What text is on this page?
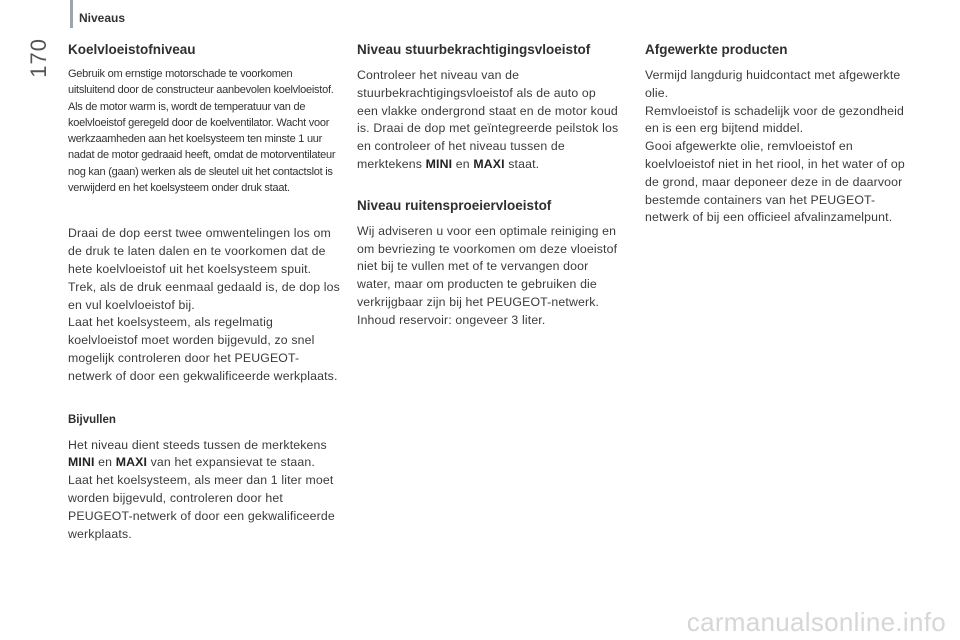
Niveaus
170 Koelvloeistofniveau

Gebruik om ernstige motorschade te voorkomen uitsluitend door de constructeur aanbevolen koelvloeistof. Als de motor warm is, wordt de temperatuur van de koelvloeistof geregeld door de koelventilator. Wacht voor werkzaamheden aan het koelsysteem ten minste 1 uur nadat de motor gedraaid heeft, omdat de motorventilateur nog kan (gaan) werken als de sleutel uit het contactslot is verwijderd en het koelsysteem onder druk staat.

Draai de dop eerst twee omwentelingen los om de druk te laten dalen en te voorkomen dat de hete koelvloeistof uit het koelsysteem spuit. Trek, als de druk eenmaal gedaald is, de dop los en vul koelvloeistof bij.

Laat het koelsysteem, als regelmatig koelvloeistof moet worden bijgevuld, zo snel mogelijk controleren door het PEUGEOT-netwerk of door een gekwalificeerde werkplaats.

Bijvullen

Het niveau dient steeds tussen de merktekens MINI en MAXI van het expansievat te staan. Laat het koelsysteem, als meer dan 1 liter moet worden bijgevuld, controleren door het PEUGEOT-netwerk of door een gekwalificeerde werkplaats.

Niveau stuurbekrachtigingsvloeistof

Controleer het niveau van de stuurbekrachtigingsvloeistof als de auto op een vlakke ondergrond staat en de motor koud is. Draai de dop met geïntegreerde peilstok los en controleer of het niveau tussen de merktekens MINI en MAXI staat.

Niveau ruitensproeiervloeistof

Wij adviseren u voor een optimale reiniging en om bevriezing te voorkomen om deze vloeistof niet bij te vullen met of te vervangen door water, maar om producten te gebruiken die verkrijgbaar zijn bij het PEUGEOT-netwerk.

Inhoud reservoir: ongeveer 3 liter.

Afgewerkte producten

Vermijd langdurig huidcontact met afgewerkte olie.

Remvloeistof is schadelijk voor de gezondheid en is een erg bijtend middel.

Gooi afgewerkte olie, remvloeistof en koelvloeistof niet in het riool, in het water of op de grond, maar deponeer deze in de daarvoor bestemde containers van het PEUGEOT-netwerk of bij een officieel afvalinzamelpunt.

carmanualsonline.info
